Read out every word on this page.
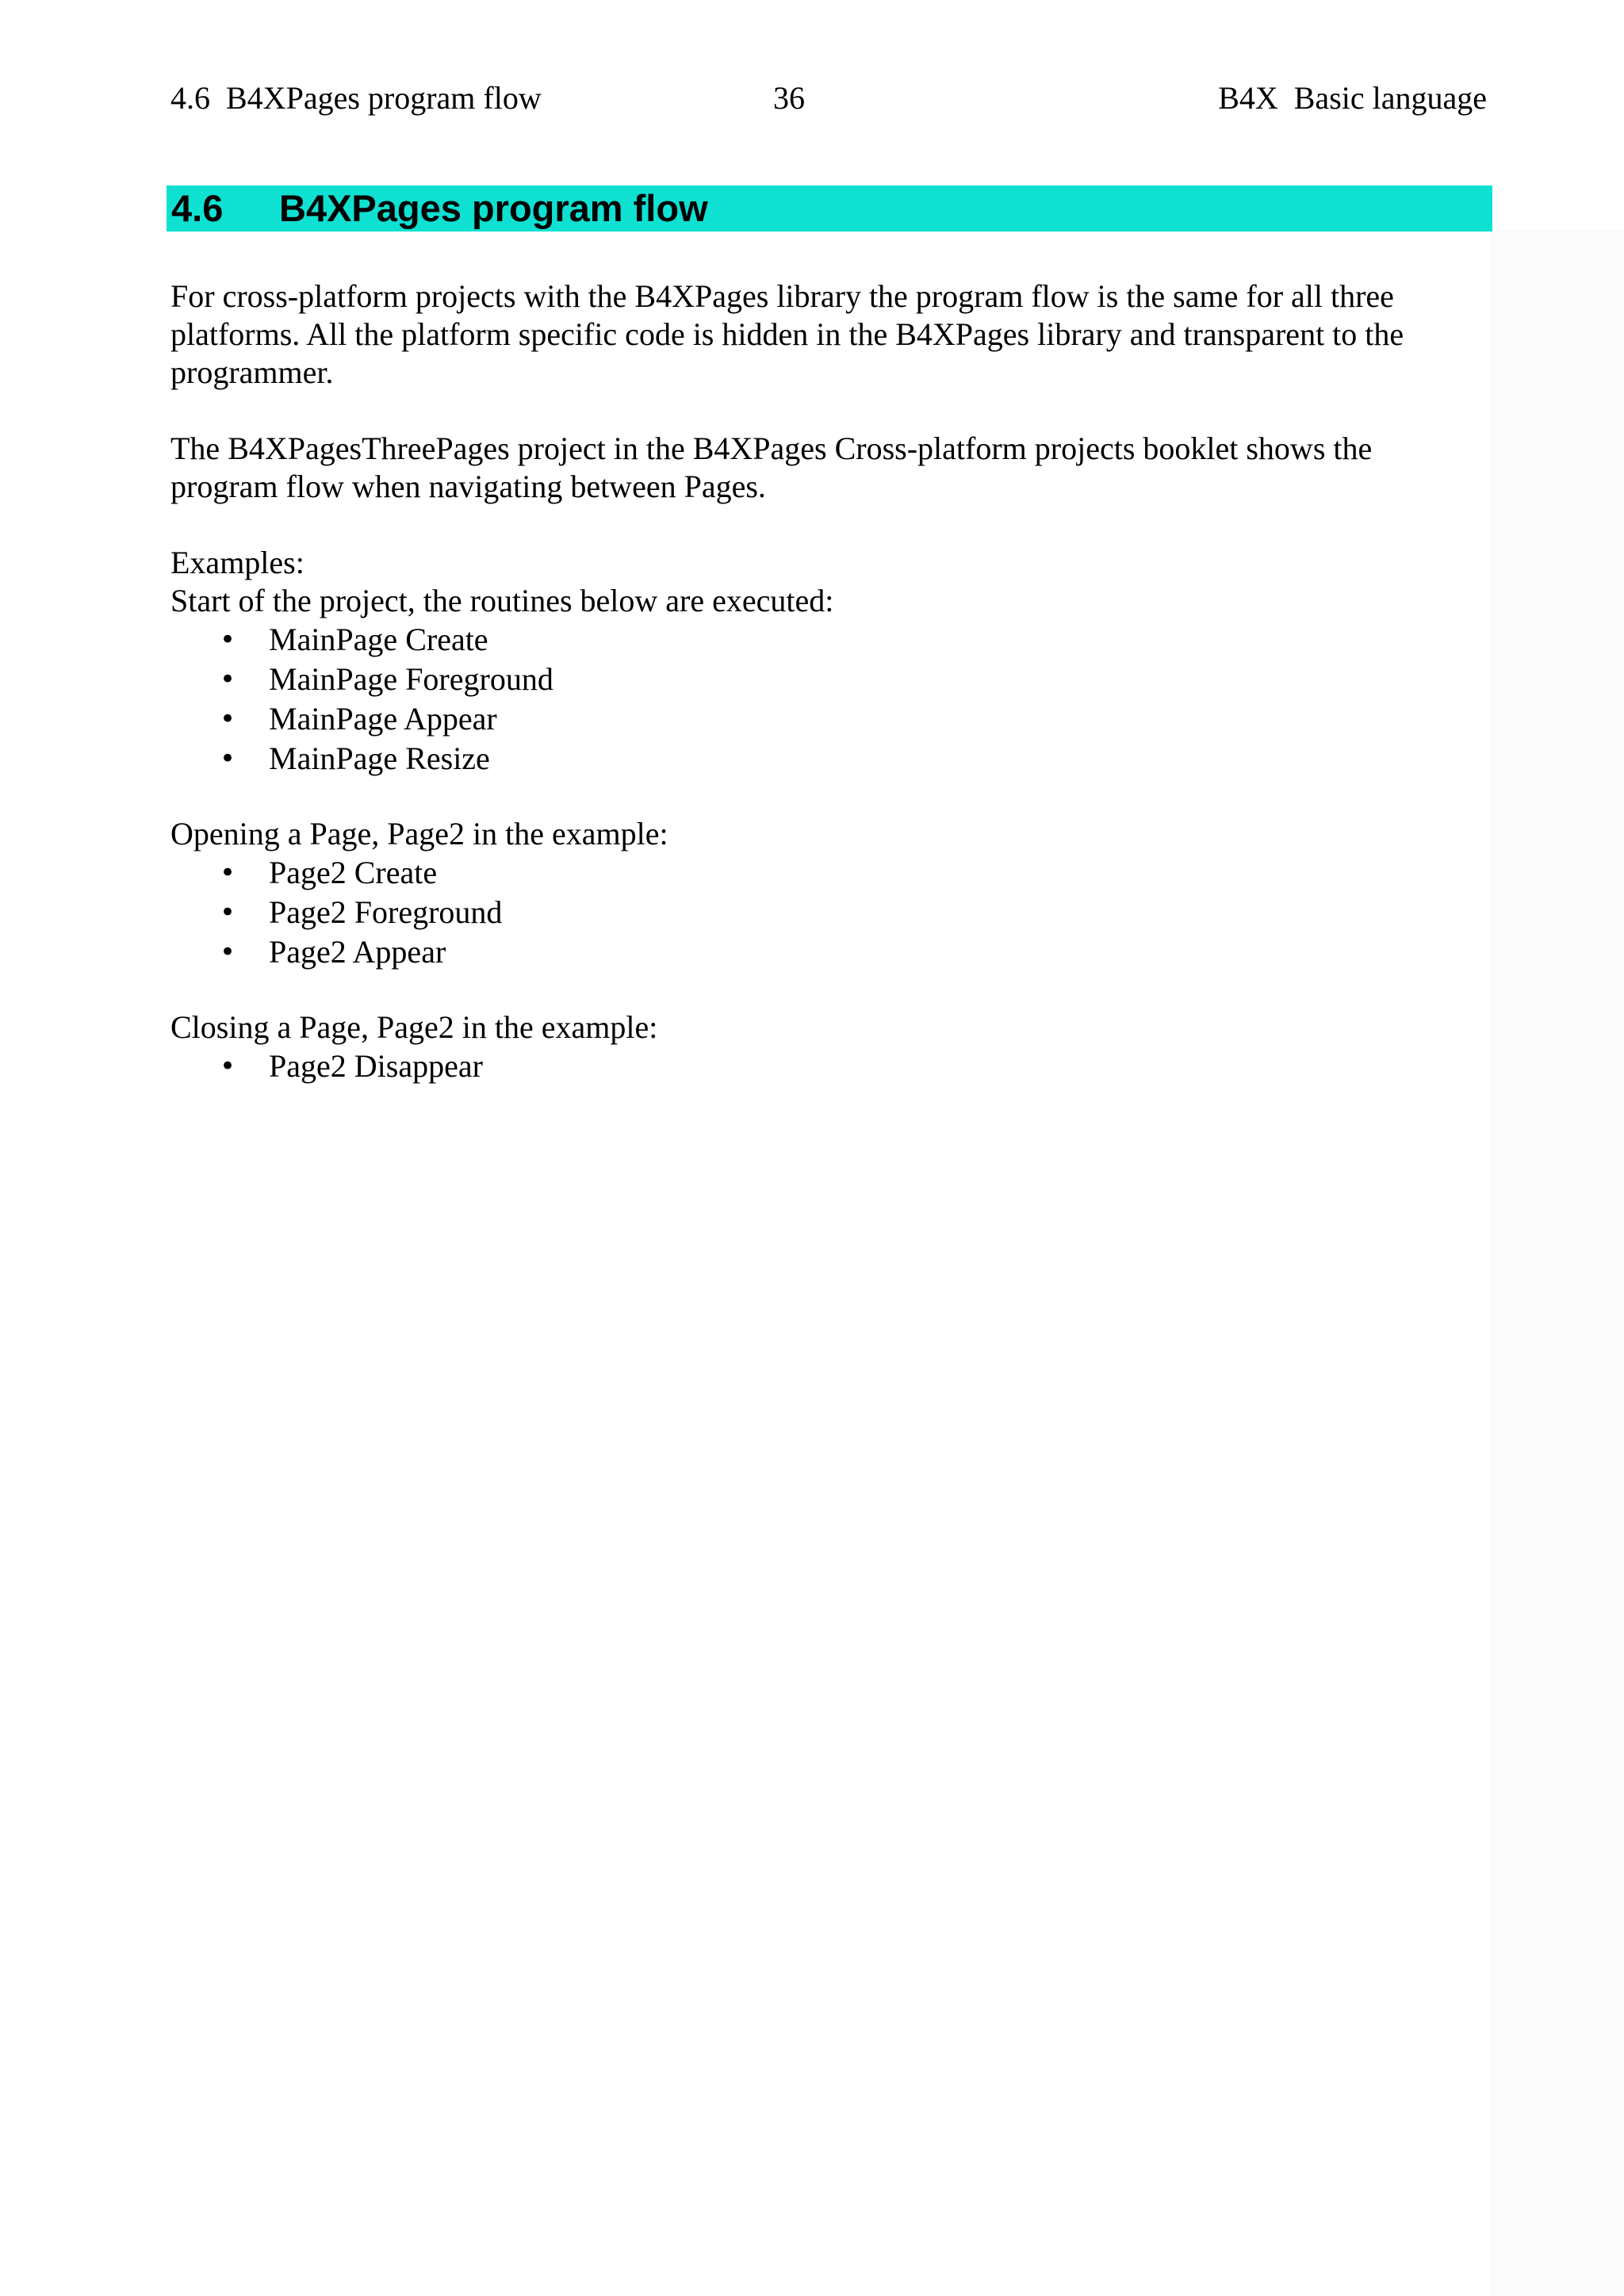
4.6  B4XPages program flow	36	B4X  Basic language
4.6 B4XPages program flow
For cross-platform projects with the B4XPages library the program flow is the same for all three
platforms. All the platform specific code is hidden in the B4XPages library and transparent to the
programmer.
The B4XPagesThreePages project in the B4XPages Cross-platform projects booklet shows the
program flow when navigating between Pages.
Examples:
Start of the project, the routines below are executed:
• MainPage Create
• MainPage Foreground
• MainPage Appear
• MainPage Resize
Opening a Page, Page2 in the example:
• Page2 Create
• Page2 Foreground
• Page2 Appear
Closing a Page, Page2 in the example:
• Page2 Disappear
